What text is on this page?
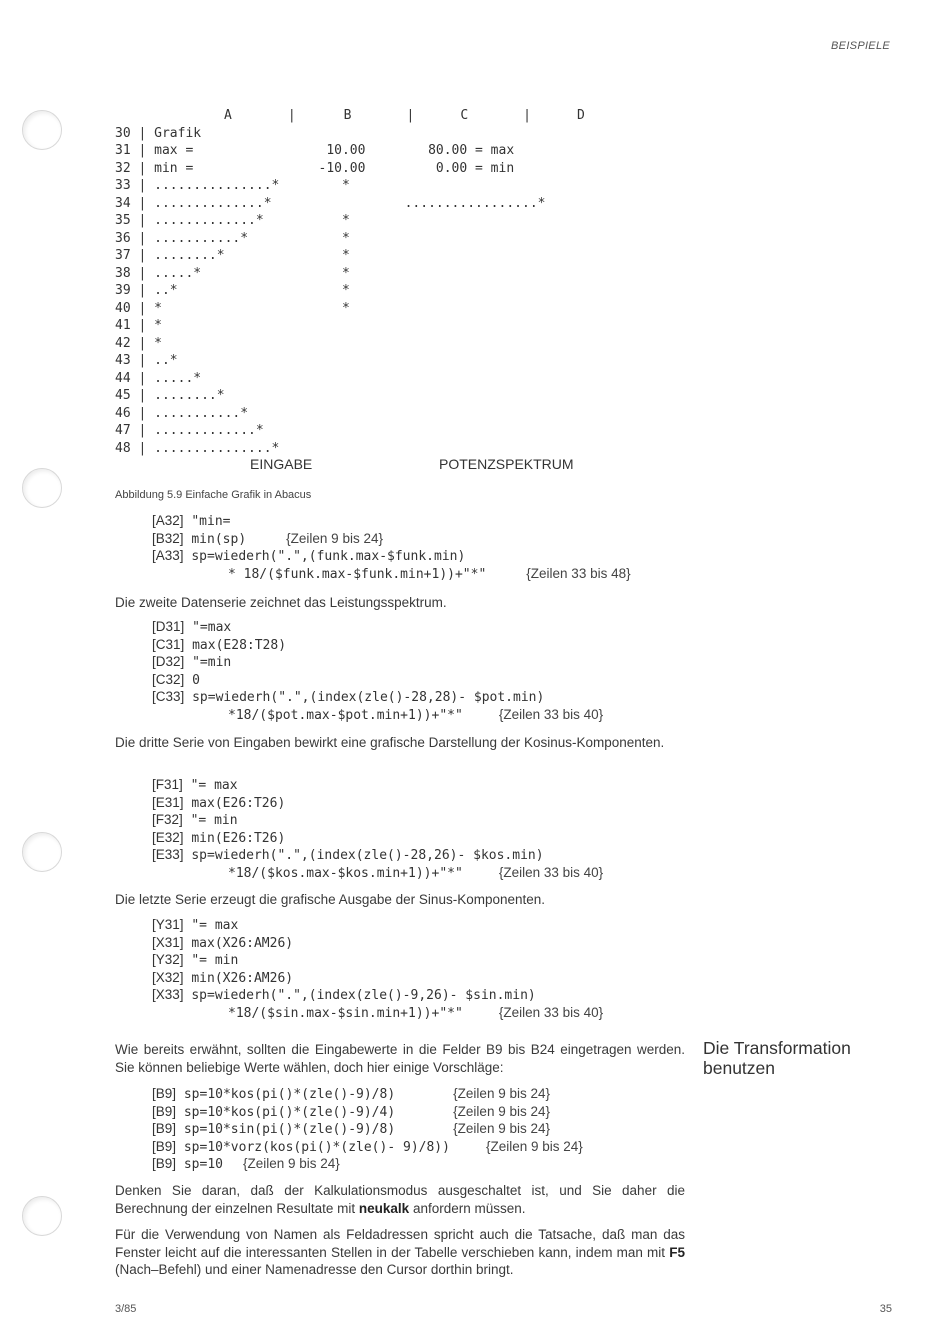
BEISPIELE
A	|	B	|	C	|	D
30 | Grafik
31 | max =                 10.00        80.00 = max
32 | min =                -10.00         0.00 = min
33 | ...............*        *
34 | ..............*                 .................*
35 | .............*          *
36 | ...........*            *
37 | ........*               *
38 | .....*                  *
39 | ..*                     *
40 | *                       *
41 | *
42 | *
43 | ..*
44 | .....*
45 | ........*
46 | ...........*
47 | .............*
48 | ...............*
EINGABE	POTENZSPEKTRUM
Abbildung 5.9 Einfache Grafik in Abacus
[A32] "min=
[B32] min(sp)	{Zeilen 9 bis 24}
[A33] sp=wiederh(".",(funk.max-$funk.min)
* 18/($funk.max-$funk.min+1))+"*"	{Zeilen 33 bis 48}
Die zweite Datenserie zeichnet das Leistungsspektrum.
[D31] "=max
[C31] max(E28:T28)
[D32] "=min
[C32] 0
[C33] sp=wiederh(".",(index(zle()-28,28)- $pot.min)
*18/($pot.max-$pot.min+1))+"*"	{Zeilen 33 bis 40}
Die dritte Serie von Eingaben bewirkt eine grafische Darstellung der Kosinus-Komponenten.
[F31] "= max
[E31] max(E26:T26)
[F32] "= min
[E32] min(E26:T26)
[E33] sp=wiederh(".",(index(zle()-28,26)- $kos.min)
*18/($kos.max-$kos.min+1))+"*"	{Zeilen 33 bis 40}
Die letzte Serie erzeugt die grafische Ausgabe der Sinus-Komponenten.
[Y31] "= max
[X31] max(X26:AM26)
[Y32] "= min
[X32] min(X26:AM26)
[X33] sp=wiederh(".",(index(zle()-9,26)- $sin.min)
*18/($sin.max-$sin.min+1))+"*"	{Zeilen 33 bis 40}
Die Transformation
benutzen
Wie bereits erwähnt, sollten die Eingabewerte in die Felder B9 bis B24 eingetragen werden. Sie können beliebige Werte wählen, doch hier einige Vorschläge:
[B9] sp=10*kos(pi()*(zle()-9)/8)	{Zeilen 9 bis 24}
[B9] sp=10*kos(pi()*(zle()-9)/4)	{Zeilen 9 bis 24}
[B9] sp=10*sin(pi()*(zle()-9)/8)	{Zeilen 9 bis 24}
[B9] sp=10*vorz(kos(pi()*(zle()- 9)/8))	{Zeilen 9 bis 24}
[B9] sp=10 {Zeilen 9 bis 24}
Denken Sie daran, daß der Kalkulationsmodus ausgeschaltet ist, und Sie daher die Berechnung der einzelnen Resultate mit neukalk anfordern müssen.
Für die Verwendung von Namen als Feldadressen spricht auch die Tatsache, daß man das Fenster leicht auf die interessanten Stellen in der Tabelle verschieben kann, indem man mit F5 (Nach–Befehl) und einer Namenadresse den Cursor dorthin bringt.
3/85	35
